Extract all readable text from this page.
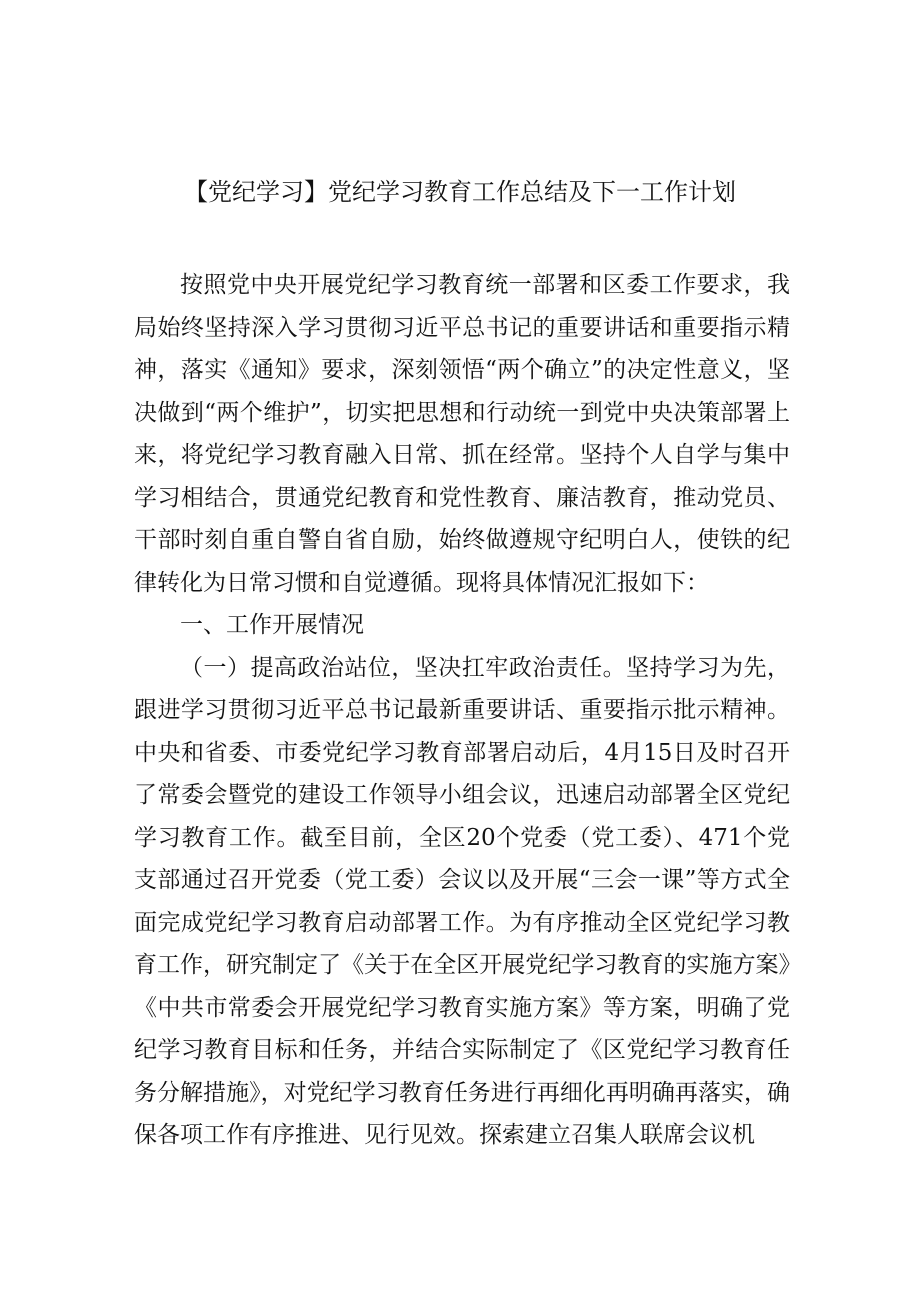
【党纪学习】党纪学习教育工作总结及下一工作计划

按照党中央开展党纪学习教育统一部署和区委工作要求，我局始终坚持深入学习贯彻习近平总书记的重要讲话和重要指示精神，落实《通知》要求，深刻领悟“两个确立”的决定性意义，坚决做到“两个维护”，切实把思想和行动统一到党中央决策部署上来，将党纪学习教育融入日常、抓在经常。坚持个人自学与集中学习相结合，贯通党纪教育和党性教育、廉洁教育，推动党员、干部时刻自重自警自省自励，始终做遵规守纪明白人，使铁的纪律转化为日常习惯和自觉遵循。现将具体情况汇报如下：

一、工作开展情况

（一）提高政治站位，坚决扛牢政治责任。坚持学习为先，跟进学习贯彻习近平总书记最新重要讲话、重要指示批示精神。中央和省委、市委党纪学习教育部署启动后，4月15日及时召开了常委会暨党的建设工作领导小组会议，迅速启动部署全区党纪学习教育工作。截至目前，全区20个党委（党工委）、471个党支部通过召开党委（党工委）会议以及开展“三会一课”等方式全面完成党纪学习教育启动部署工作。为有序推动全区党纪学习教育工作，研究制定了《关于在全区开展党纪学习教育的实施方案》《中共市常委会开展党纪学习教育实施方案》等方案，明确了党纪学习教育目标和任务，并结合实际制定了《区党纪学习教育任务分解措施》，对党纪学习教育任务进行再细化再明确再落实，确保各项工作有序推进、见行见效。探索建立召集人联席会议机
